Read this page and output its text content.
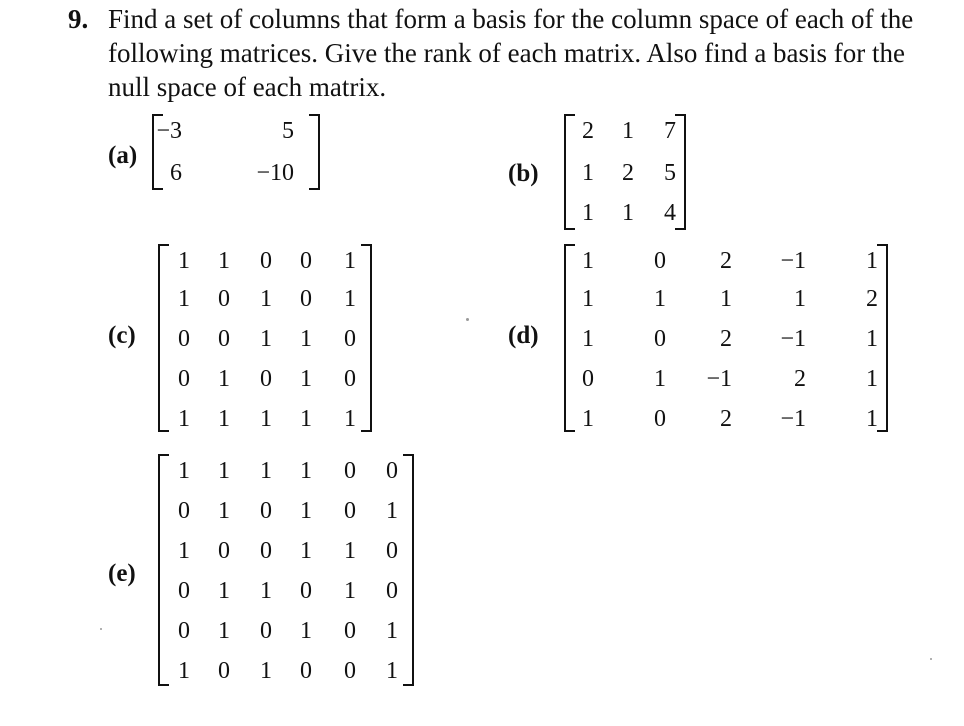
9. Find a set of columns that form a basis for the column space of each of the following matrices. Give the rank of each matrix. Also find a basis for the null space of each matrix.
(a)
(b)
(c)	(d)
(e)
−3	5
6	−10
2 1 7
1 2 5
1 1 4
1 1 0 0 1
1 0 1 0 1
0 0 1 1 0
0 1 0 1 0
1 1 1 1 1
1	0 2 −1	1
1	1 1	1	2
1	0 2 −1	1
0	1 −1	2	1
1	0 2 −1	1
1 1 1 1 0 0
0 1 0 1 0 1
1 0 0 1 1 0
0 1 1 0 1 0
0 1 0 1 0 1
1 0 1 0 0 1
